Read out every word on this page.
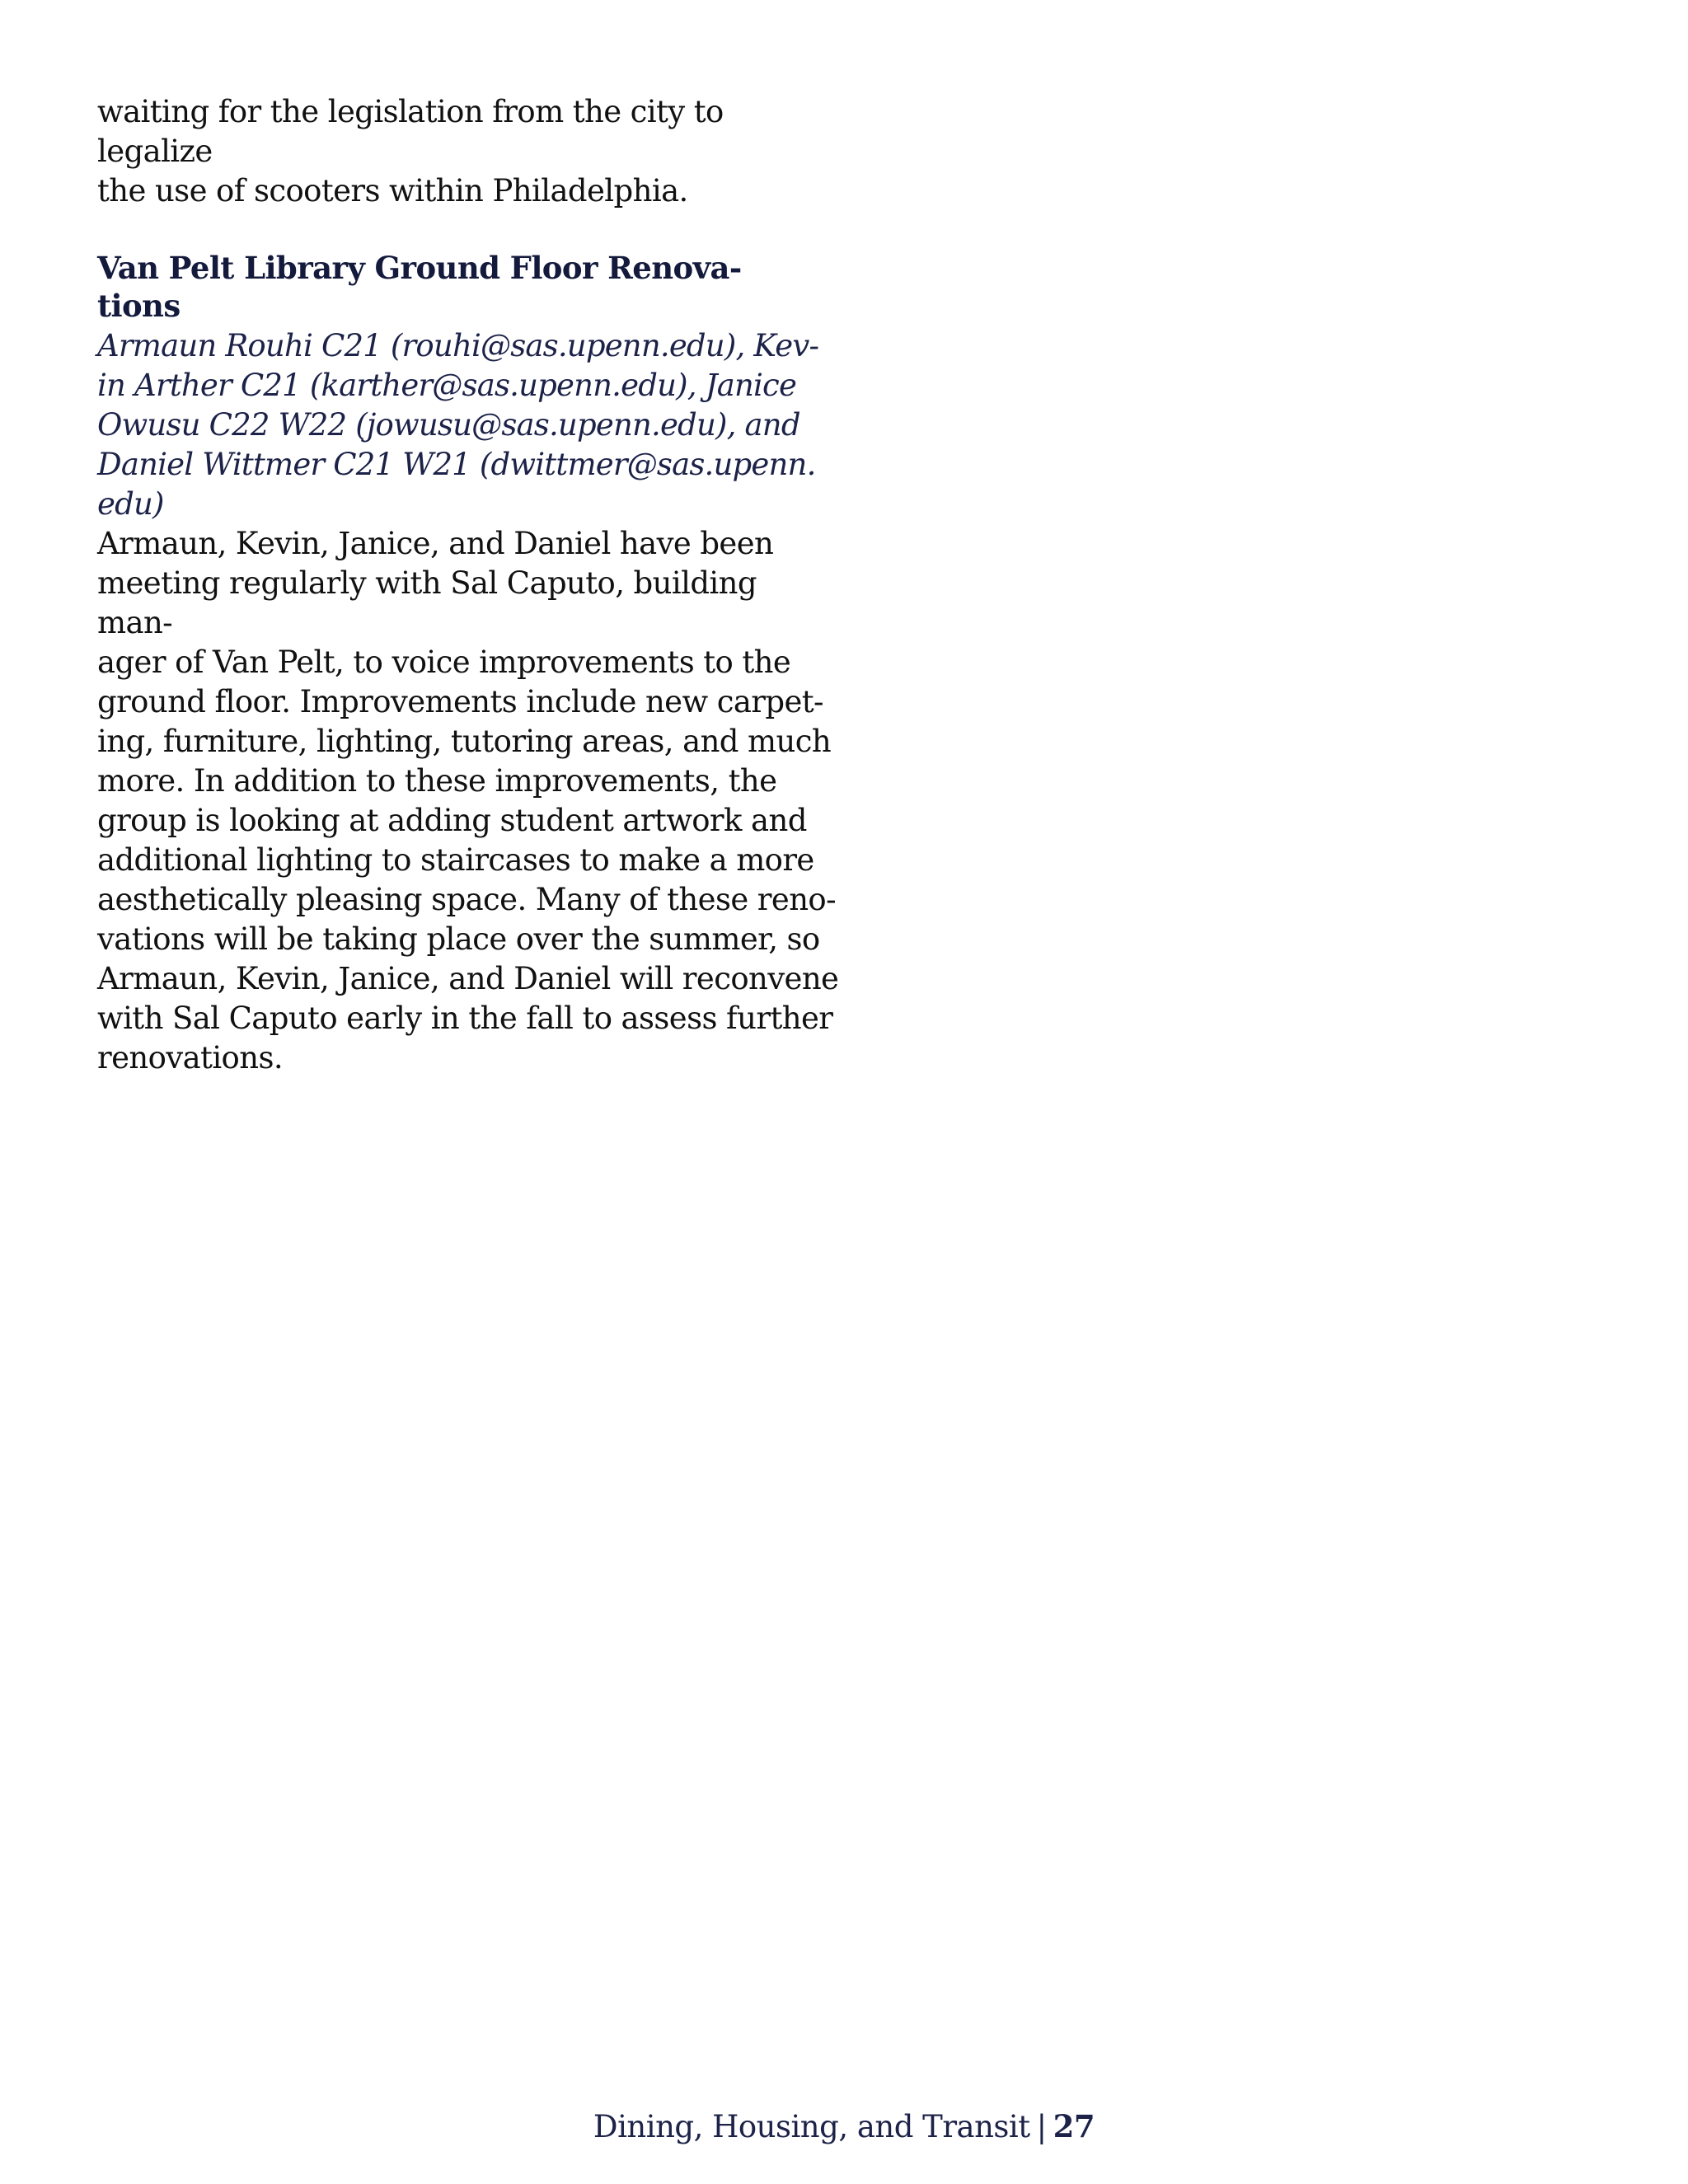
waiting for the legislation from the city to legalize
the use of scooters within Philadelphia.

Van Pelt Library Ground Floor Renova-
tions

Armaun Rouhi C21 (rouhi@sas.upenn.edu), Kev-
in Arther C21 (karther@sas.upenn.edu), Janice
Owusu C22 W22 (jowusu@sas.upenn.edu), and
Daniel Wittmer C21 W21 (dwittmer@sas.upenn.
edu)

Armaun, Kevin, Janice, and Daniel have been
meeting regularly with Sal Caputo, building man-
ager of Van Pelt, to voice improvements to the
ground floor. Improvements include new carpet-
ing, furniture, lighting, tutoring areas, and much
more. In addition to these improvements, the
group is looking at adding student artwork and
additional lighting to staircases to make a more
aesthetically pleasing space. Many of these reno-
vations will be taking place over the summer, so
Armaun, Kevin, Janice, and Daniel will reconvene
with Sal Caputo early in the fall to assess further
renovations.

Dining, Housing, and Transit | 27
